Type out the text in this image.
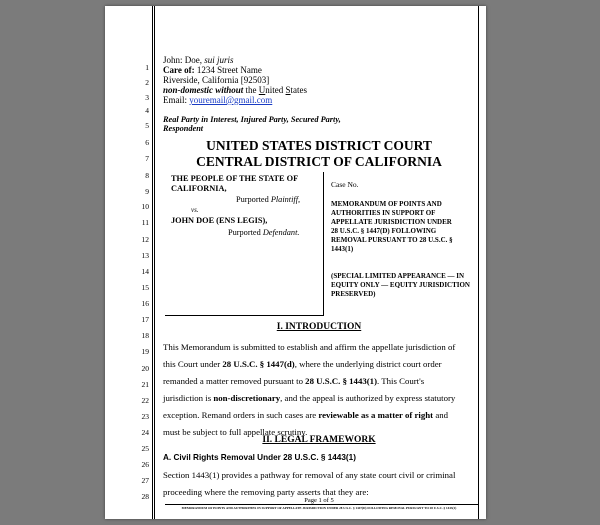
1
2
3
4
5
6
7
8
9
10
11
12
13
14
15
16
17
18
19
20
21
22
23
24
25
26
27
28
John: Doe, sui juris
Care of: 1234 Street Name
Riverside, California [92503]
non-domestic without the United States
Email: youremail@gmail.com
Real Party in Interest, Injured Party, Secured Party,
Respondent
UNITED STATES DISTRICT COURT
CENTRAL DISTRICT OF CALIFORNIA
THE PEOPLE OF THE STATE OF
CALIFORNIA,
Purported Plaintiff,
vs.
JOHN DOE (ENS LEGIS),
Purported Defendant.
Case No.
MEMORANDUM OF POINTS AND
AUTHORITIES IN SUPPORT OF
APPELLATE JURISDICTION UNDER
28 U.S.C. § 1447(D) FOLLOWING
REMOVAL PURSUANT TO 28 U.S.C. §
1443(1)
(SPECIAL LIMITED APPEARANCE — IN
EQUITY ONLY — EQUITY JURISDICTION
PRESERVED)
I. INTRODUCTION
This Memorandum is submitted to establish and affirm the appellate jurisdiction of
this Court under 28 U.S.C. § 1447(d), where the underlying district court order
remanded a matter removed pursuant to 28 U.S.C. § 1443(1). This Court's
jurisdiction is non-discretionary, and the appeal is authorized by express statutory
exception. Remand orders in such cases are reviewable as a matter of right and
must be subject to full appellate scrutiny.
II. LEGAL FRAMEWORK
A. Civil Rights Removal Under 28 U.S.C. § 1443(1)
Section 1443(1) provides a pathway for removal of any state court civil or criminal
proceeding where the removing party asserts that they are:
Page 1 of 5
MEMORANDUM OF POINTS AND AUTHORITIES IN SUPPORT OF APPELLATE JURISDICTION UNDER 28 U.S.C. § 1447(D) FOLLOWING REMOVAL PURSUANT TO 28 U.S.C. § 1443(1)
